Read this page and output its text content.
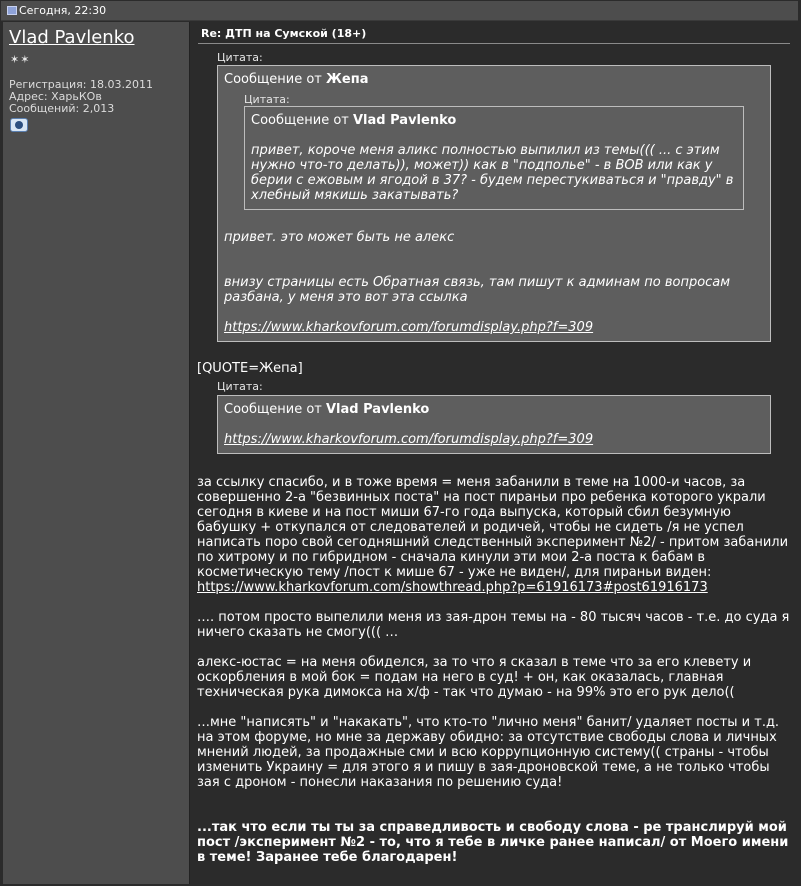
Сегодня, 22:30
Vlad Pavlenko
✶✶
Регистрация: 18.03.2011
Адрес: ХарьКОв
Сообщений: 2,013
Re: ДТП на Сумской (18+)
Цитата:
Сообщение от Жепа
Цитата:
Сообщение от Vlad Pavlenko
привет, короче меня аликс полностью выпилил из темы((( ... с этим нужно что-то делать)), может)) как в "подполье" - в ВОВ или как у берии с ежовым и ягодой в 37? - будем перестукиваться и "правду" в хлебный мякишь закатывать?
привет. это может быть не алекс
внизу страницы есть Обратная связь, там пишут к админам по вопросам разбана, у меня это вот эта ссылка
https://www.kharkovforum.com/forumdisplay.php?f=309
[QUOTE=Жепа]
Цитата:
Сообщение от Vlad Pavlenko
https://www.kharkovforum.com/forumdisplay.php?f=309

за ссылку спасибо, и в тоже время = меня забанили в теме на 1000-и часов, за совершенно 2-а "безвинных поста" на пост пираньи про ребенка которого украли сегодня в киеве и на пост миши 67-го года выпуска, который сбил безумную бабушку + откупался от следователей и родичей, чтобы не сидеть /я не успел написать поро свой сегодняшний следственный эксперимент №2/ - притом забанили по хитрому и по гибридном - сначала кинули эти мои 2-а поста к бабам в косметическую тему /пост к мише 67 - уже не виден/, для пираньи виден:
https://www.kharkovforum.com/showthread.php?p=61916173#post61916173

…. потом просто выпелили меня из зая-дрон темы на - 80 тысяч часов - т.е. до суда я ничего сказать не смогу((( …

алекс-юстас = на меня обиделся, за то что я сказал в теме что за его клевету и оскорбления в мой бок = подам на него в суд! + он, как оказалась, главная техническая рука димокса на х/ф - так что думаю - на 99% это его рук дело((

…мне "написять" и "накакать", что кто-то "лично меня" банит/ удаляет посты и т.д. на этом форуме, но мне за державу обидно: за отсутствие свободы слова и личных мнений людей, за продажные сми и всю коррупционную систему(( страны - чтобы изменить Украину = для этого я и пишу в зая-дроновской теме, а не только чтобы зая с дроном - понесли наказания по решению суда!

...так что если ты ты за справедливость и свободу слова - ре транслируй мой пост /эксперимент №2 - то, что я тебе в личке ранее написал/ от Моего имени в теме! Заранее тебе благодарен!
